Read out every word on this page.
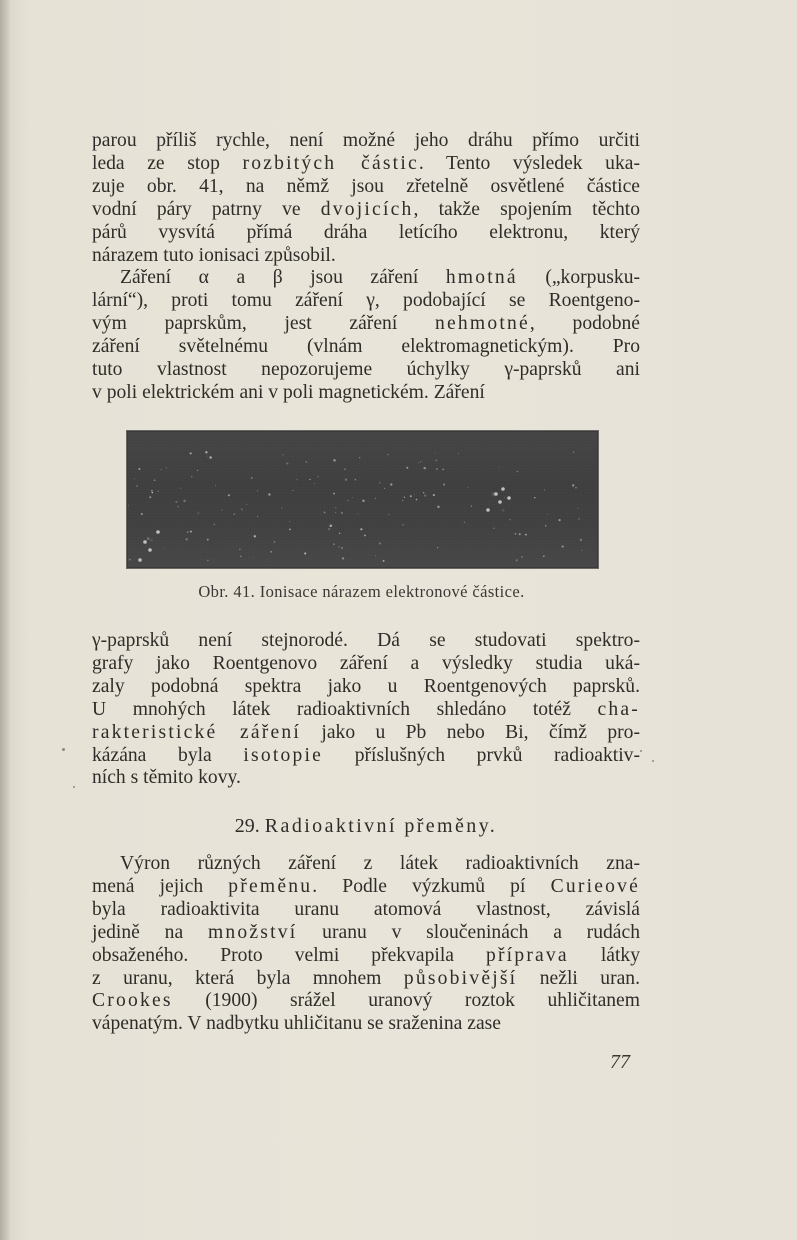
parou příliš rychle, není možné jeho dráhu přímo určiti
leda ze stop rozbitých částic. Tento výsledek uka-
zuje obr. 41, na němž jsou zřetelně osvětlené částice
vodní páry patrny ve dvojicích, takže spojením těchto
párů vysvítá přímá dráha letícího elektronu, který
nárazem tuto ionisaci způsobil.
Záření α a β jsou záření hmotná („korpusku-
lární“), proti tomu záření γ, podobající se Roentgeno-
vým paprskům, jest záření nehmotné, podobné
záření světelnému (vlnám elektromagnetickým). Pro
tuto vlastnost nepozorujeme úchylky γ-paprsků ani
v poli elektrickém ani v poli magnetickém. Záření
Obr. 41. Ionisace nárazem elektronové částice.
γ-paprsků není stejnorodé. Dá se studovati spektro-
grafy jako Roentgenovo záření a výsledky studia uká-
zaly podobná spektra jako u Roentgenových paprsků.
U mnohých látek radioaktivních shledáno totéž cha-
rakteristické záření jako u Pb nebo Bi, čímž pro-
kázána byla isotopie příslušných prvků radioaktiv-
ních s těmito kovy.
29. Radioaktivní přeměny.
Výron různých záření z látek radioaktivních zna-
mená jejich přeměnu. Podle výzkumů pí Curieové
byla radioaktivita uranu atomová vlastnost, závislá
jedině na množství uranu v sloučeninách a rudách
obsaženého. Proto velmi překvapila příprava látky
z uranu, která byla mnohem působivější nežli uran.
Crookes (1900) srážel uranový roztok uhličitanem
vápenatým. V nadbytku uhličitanu se sraženina zase
77
